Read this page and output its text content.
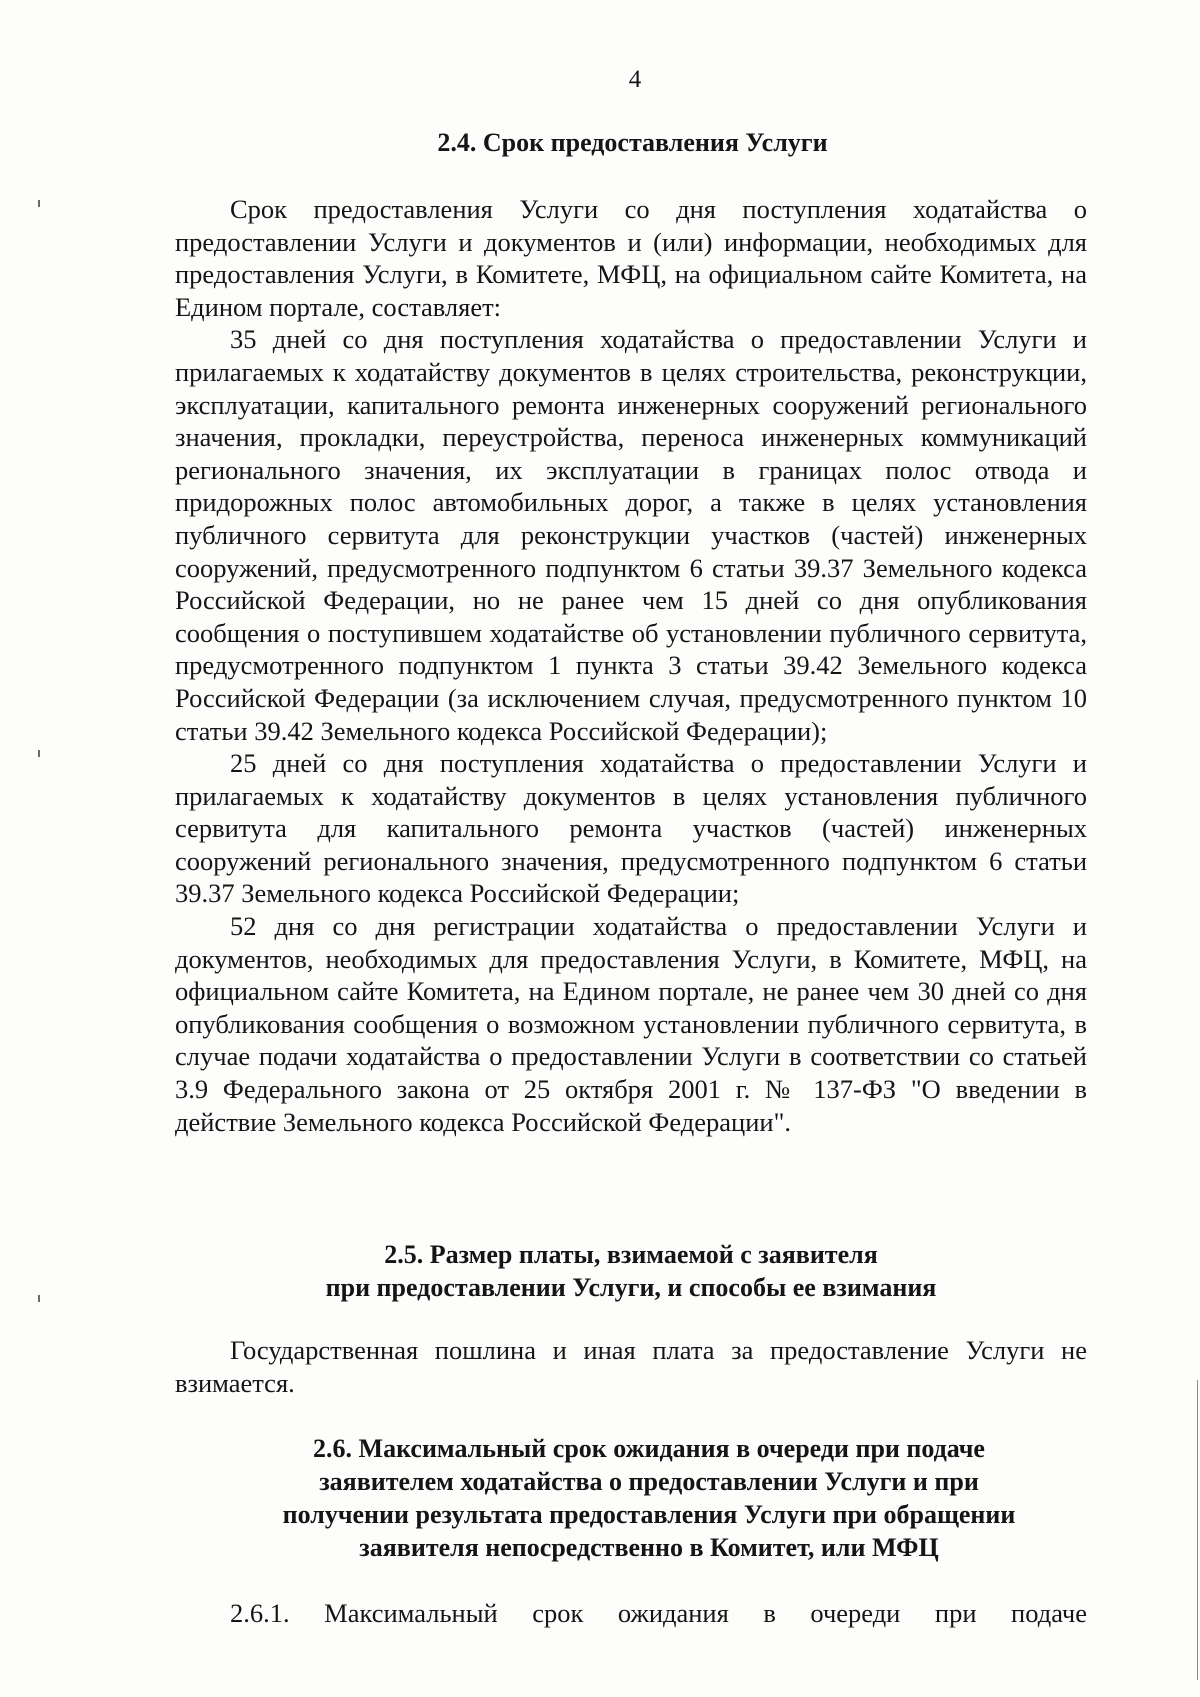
4
2.4. Срок предоставления Услуги

Срок предоставления Услуги со дня поступления ходатайства о предоставлении Услуги и документов и (или) информации, необходимых для предоставления Услуги, в Комитете, МФЦ, на официальном сайте Комитета, на Едином портале, составляет:

35 дней со дня поступления ходатайства о предоставлении Услуги и прилагаемых к ходатайству документов в целях строительства, реконструкции, эксплуатации, капитального ремонта инженерных сооружений регионального значения, прокладки, переустройства, переноса инженерных коммуникаций регионального значения, их эксплуатации в границах полос отвода и придорожных полос автомобильных дорог, а также в целях установления публичного сервитута для реконструкции участков (частей) инженерных сооружений, предусмотренного подпунктом 6 статьи 39.37 Земельного кодекса Российской Федерации, но не ранее чем 15 дней со дня опубликования сообщения о поступившем ходатайстве об установлении публичного сервитута, предусмотренного подпунктом 1 пункта 3 статьи 39.42 Земельного кодекса Российской Федерации (за исключением случая, предусмотренного пунктом 10 статьи 39.42 Земельного кодекса Российской Федерации);

25 дней со дня поступления ходатайства о предоставлении Услуги и прилагаемых к ходатайству документов в целях установления публичного сервитута для капитального ремонта участков (частей) инженерных сооружений регионального значения, предусмотренного подпунктом 6 статьи 39.37 Земельного кодекса Российской Федерации;

52 дня со дня регистрации ходатайства о предоставлении Услуги и документов, необходимых для предоставления Услуги, в Комитете, МФЦ, на официальном сайте Комитета, на Едином портале, не ранее чем 30 дней со дня опубликования сообщения о возможном установлении публичного сервитута, в случае подачи ходатайства о предоставлении Услуги в соответствии со статьей 3.9 Федерального закона от 25 октября 2001 г. № 137-ФЗ "О введении в действие Земельного кодекса Российской Федерации".

2.5. Размер платы, взимаемой с заявителя
при предоставлении Услуги, и способы ее взимания

Государственная пошлина и иная плата за предоставление Услуги не взимается.

2.6. Максимальный срок ожидания в очереди при подаче
заявителем ходатайства о предоставлении Услуги и при
получении результата предоставления Услуги при обращении
заявителя непосредственно в Комитет, или МФЦ
2.6.1. Максимальный срок ожидания в очереди при подаче
